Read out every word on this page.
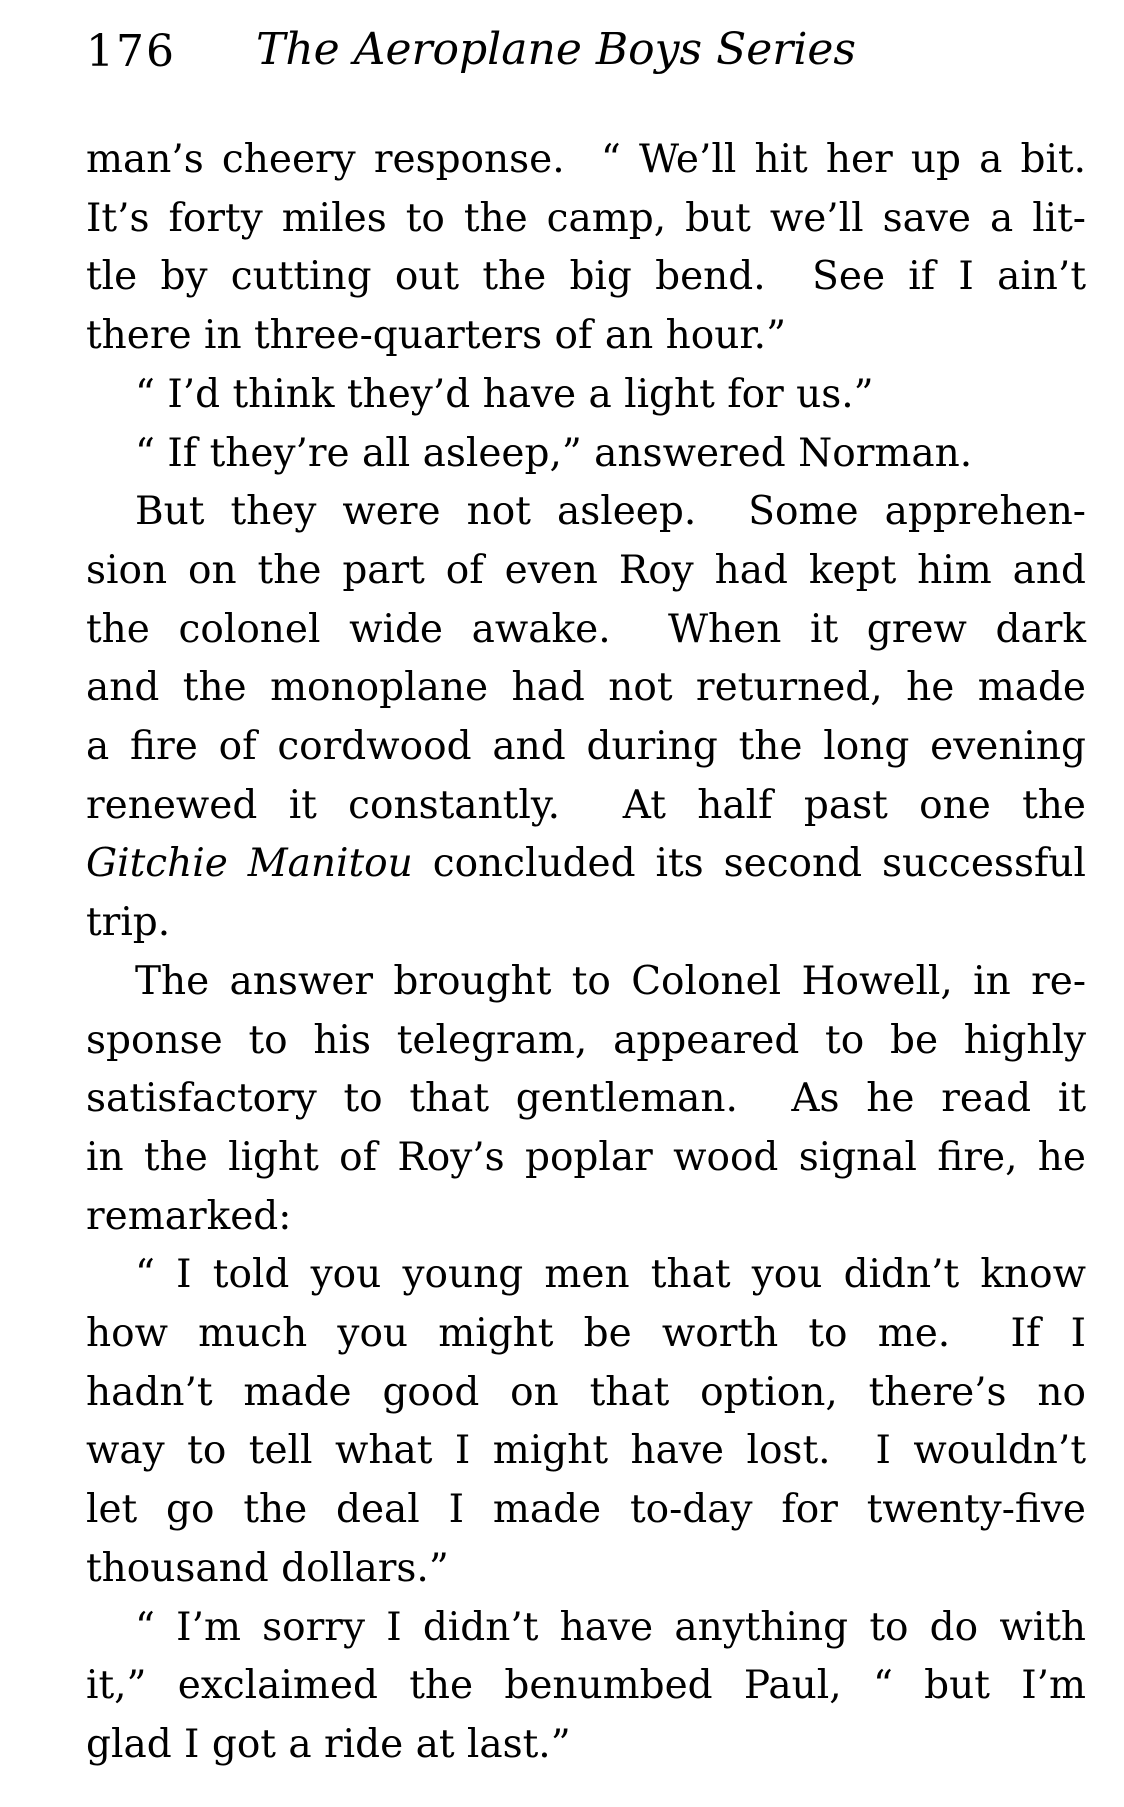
176	The Aeroplane Boys Series
man’s cheery response.  “ We’ll hit her up a bit.
It’s forty miles to the camp, but we’ll save a lit-
tle by cutting out the big bend.  See if I ain’t
there in three-quarters of an hour.”
“ I’d think they’d have a light for us.”
“ If they’re all asleep,” answered Norman.
But they were not asleep.  Some apprehen-
sion on the part of even Roy had kept him and
the colonel wide awake.  When it grew dark
and the monoplane had not returned, he made
a fire of cordwood and during the long evening
renewed it constantly.  At half past one the
Gitchie Manitou concluded its second successful
trip.
The answer brought to Colonel Howell, in re-
sponse to his telegram, appeared to be highly
satisfactory to that gentleman.  As he read it
in the light of Roy’s poplar wood signal fire, he
remarked:
“ I told you young men that you didn’t know
how much you might be worth to me.  If I
hadn’t made good on that option, there’s no
way to tell what I might have lost.  I wouldn’t
let go the deal I made to-day for twenty-five
thousand dollars.”
“ I’m sorry I didn’t have anything to do with
it,” exclaimed the benumbed Paul, “ but I’m
glad I got a ride at last.”
